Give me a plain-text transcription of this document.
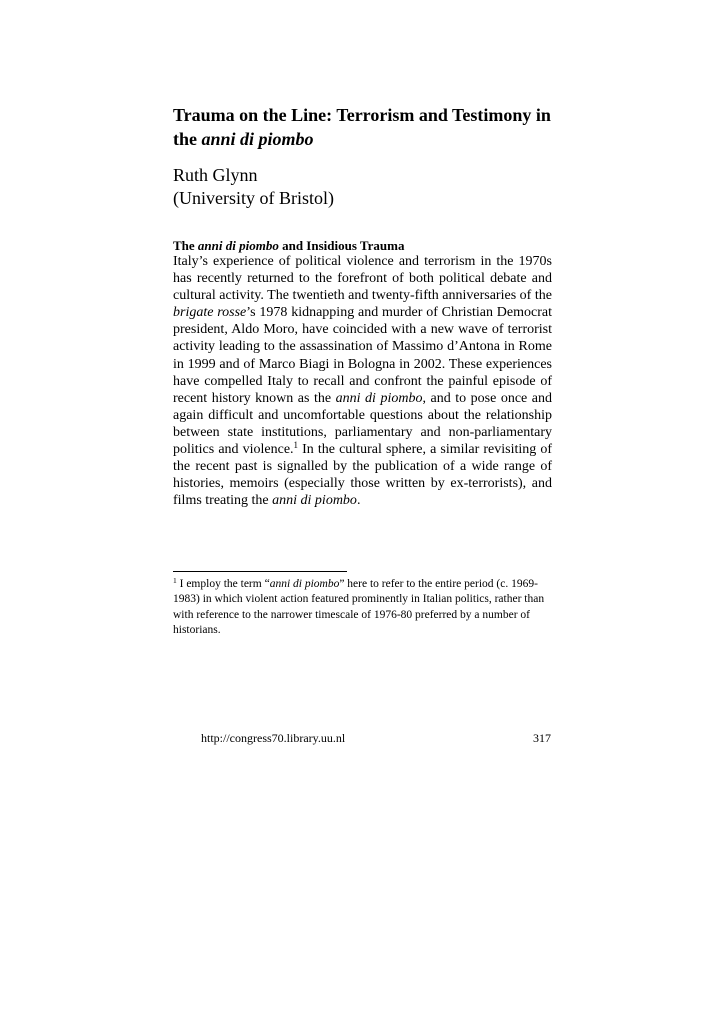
Trauma on the Line: Terrorism and Testimony in the anni di piombo
Ruth Glynn
(University of Bristol)
The anni di piombo and Insidious Trauma

Italy’s experience of political violence and terrorism in the 1970s has recently returned to the forefront of both political debate and cultural activity. The twentieth and twenty-fifth anniversaries of the brigate rosse’s 1978 kidnapping and murder of Christian Democrat president, Aldo Moro, have coincided with a new wave of terrorist activity leading to the assassination of Massimo d’Antona in Rome in 1999 and of Marco Biagi in Bologna in 2002. These experiences have compelled Italy to recall and confront the painful episode of recent history known as the anni di piombo, and to pose once and again difficult and uncomfortable questions about the relationship between state institutions, parliamentary and non-parliamentary politics and violence.$^1$ In the cultural sphere, a similar revisiting of the recent past is signalled by the publication of a wide range of histories, memoirs (especially those written by ex-terrorists), and films treating the anni di piombo.

$^1$ I employ the term “anni di piombo” here to refer to the entire period (c. 1969-1983) in which violent action featured prominently in Italian politics, rather than with reference to the narrower timescale of 1976-80 preferred by a number of historians.

http://congress70.library.uu.nl	317
